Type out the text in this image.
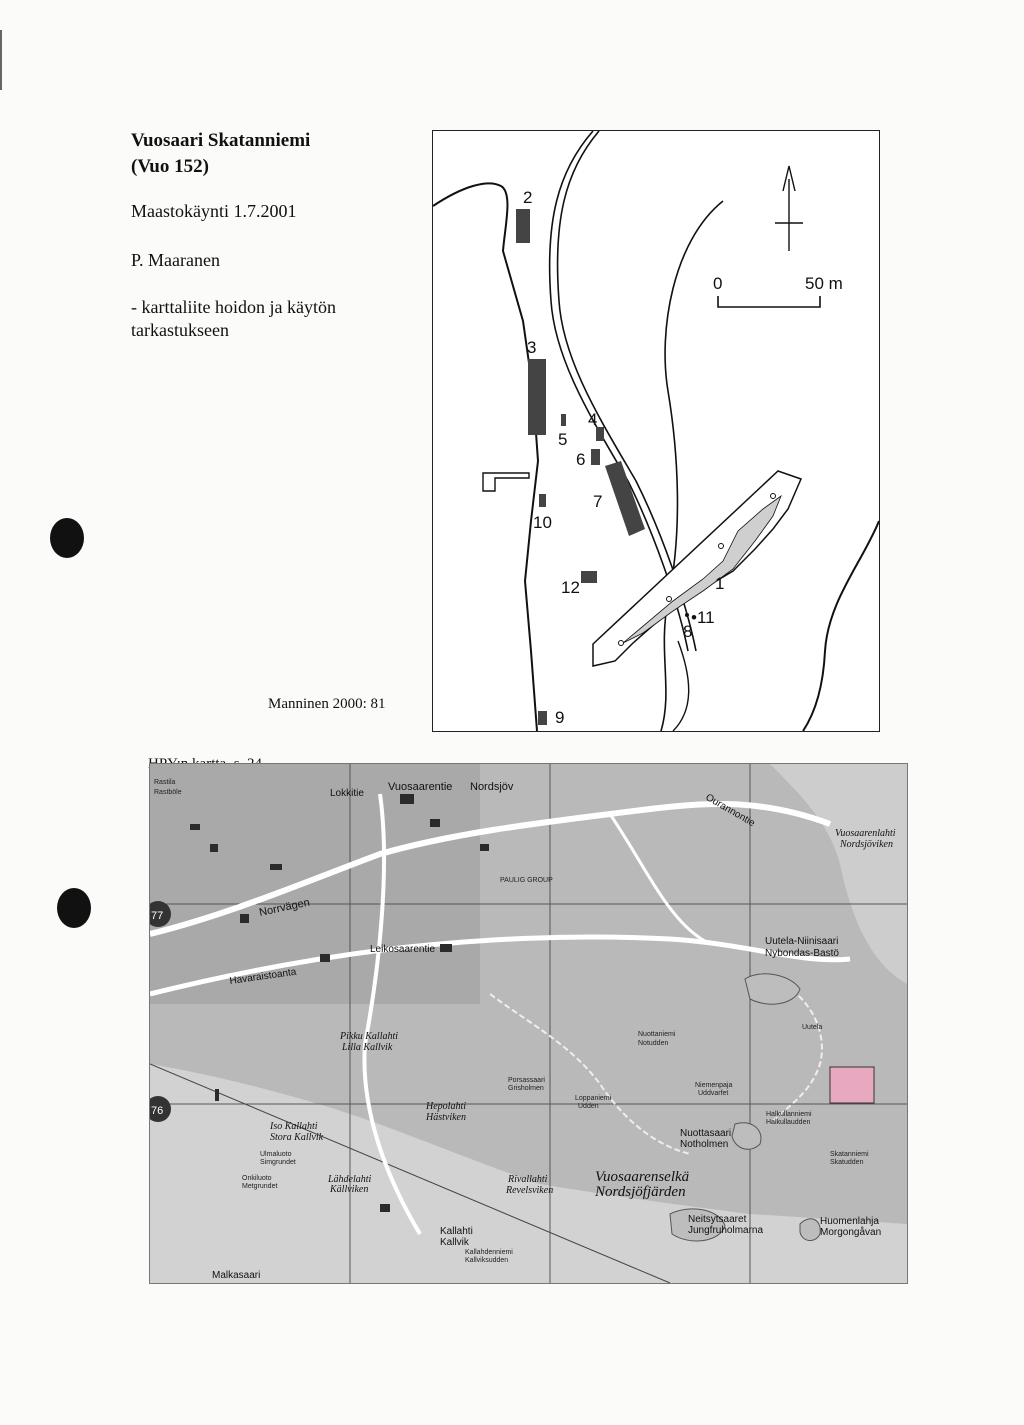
Vuosaari Skatanniemi
(Vuo 152)
Maastokäynti 1.7.2001
P. Maaranen
- karttaliite hoidon ja käytön
tarkastukseen
0	50 m
2
3
4
5
6
7
10
12	1
8
•11
9
Manninen 2000: 81
77
76
Vuosaarentie Nordsjöv
Lokkitie	Ourannontie
PAULIG GROUP
Leikosaarentie
Norrvägen
Havaraistoanta
Rastila
Rastböle
Pikku Kallahti
Lilla Kallvik
Iso Kallahti
Stora Kallvik
Hepolahti
Hästviken
Porsassaari
Grisholmen
Loppaniemi
Udden
Nuottaniemi
Notudden
Uutela-Niinisaari
Nybondas-Bastö
Uutela
Vuosaarenlahti
Nordsjöviken
Niemenpaja
Uddvarfet
Halkullanniemi
Halkullaudden
Nuottasaari
Notholmen
Skatanniemi
Skatudden
Vuosaarenselkä
Nordsjöfjärden
Neitsytsaaret
Jungfruholmarna
Huomenlahja
Morgongåvan
Kallahti
Kallvik
Kallahdenniemi
Kallviksudden
Rivallahti
Revelsviken
Lähdelahti
Källviken
Ulmaluoto
Simgrundet
Onkiluoto
Metgrundet
Malkasaari
